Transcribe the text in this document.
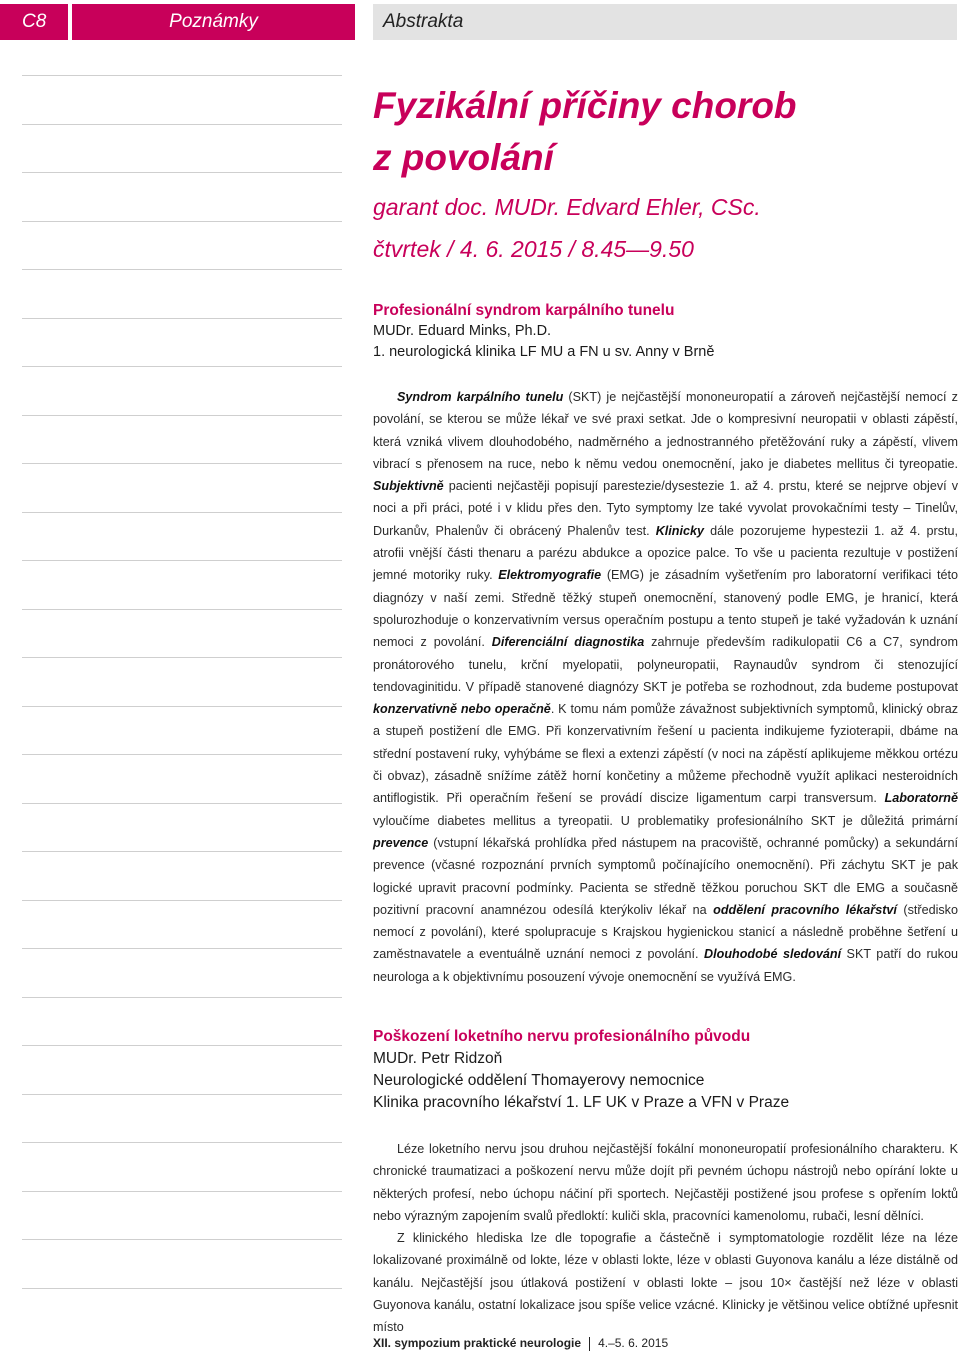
C8	Poznámky	Abstrakta
Fyzikální příčiny chorob
z povolání
garant doc. MUDr. Edvard Ehler, CSc.
čtvrtek / 4. 6. 2015 / 8.45—9.50
Profesionální syndrom karpálního tunelu
MUDr. Eduard Minks, Ph.D.
1. neurologická klinika LF MU a FN u sv. Anny v Brně

Syndrom karpálního tunelu (SKT) je nejčastější mononeuropatií a zároveň nejčastější nemocí z povolání, se kterou se může lékař ve své praxi setkat. Jde o kompresivní neuropatii v oblasti zápěstí, která vzniká vlivem dlouhodobého, nadměrného a jednostranného přetěžování ruky a zápěstí, vlivem vibrací s přenosem na ruce, nebo k němu vedou onemocnění, jako je diabetes mellitus či tyreopatie. Subjektivně pacienti nejčastěji popisují parestezie/dysestezie 1. až 4. prstu, které se nejprve objeví v noci a při práci, poté i v klidu přes den. Tyto symptomy lze také vyvolat provokačními testy – Tinelův, Durkanův, Phalenův či obrácený Phalenův test. Klinicky dále pozorujeme hypestezii 1. až 4. prstu, atrofii vnější části thenaru a parézu abdukce a opozice palce. To vše u pacienta rezultuje v postižení jemné motoriky ruky. Elektromyografie (EMG) je zásadním vyšetřením pro laboratorní verifikaci této diagnózy v naší zemi. Středně těžký stupeň onemocnění, stanovený podle EMG, je hranicí, která spolurozhoduje o konzervativním versus operačním postupu a tento stupeň je také vyžadován k uznání nemoci z povolání. Diferenciální diagnostika zahrnuje především radikulopatii C6 a C7, syndrom pronátorového tunelu, krční myelopatii, polyneuropatii, Raynaudův syndrom či stenozující tendovaginitidu. V případě stanovené diagnózy SKT je potřeba se rozhodnout, zda budeme postupovat konzervativně nebo operačně. K tomu nám pomůže závažnost subjektivních symptomů, klinický obraz a stupeň postižení dle EMG. Při konzervativním řešení u pacienta indikujeme fyzioterapii, dbáme na střední postavení ruky, vyhýbáme se flexi a extenzi zápěstí (v noci na zápěstí aplikujeme měkkou ortézu či obvaz), zásadně snížíme zátěž horní končetiny a můžeme přechodně využít aplikaci nesteroidních antiflogistik. Při operačním řešení se provádí discize ligamentum carpi transversum. Laboratorně vyloučíme diabetes mellitus a tyreopatii. U problematiky profesionálního SKT je důležitá primární prevence (vstupní lékařská prohlídka před nástupem na pracoviště, ochranné pomůcky) a sekundární prevence (včasné rozpoznání prvních symptomů počínajícího onemocnění). Při záchytu SKT je pak logické upravit pracovní podmínky. Pacienta se středně těžkou poruchou SKT dle EMG a současně pozitivní pracovní anamnézou odesílá kterýkoliv lékař na oddělení pracovního lékařství (středisko nemocí z povolání), které spolupracuje s Krajskou hygienickou stanicí a následně proběhne šetření u zaměstnavatele a eventuálně uznání nemoci z povolání. Dlouhodobé sledování SKT patří do rukou neurologa a k objektivnímu posouzení vývoje onemocnění se využívá EMG.

Poškození loketního nervu profesionálního původu
MUDr. Petr Ridzoň
Neurologické oddělení Thomayerovy nemocnice
Klinika pracovního lékařství 1. LF UK v Praze a VFN v Praze

Léze loketního nervu jsou druhou nejčastější fokální mononeuropatií profesionálního charakteru. K chronické traumatizaci a poškození nervu může dojít při pevném úchopu nástrojů nebo opírání lokte u některých profesí, nebo úchopu náčiní při sportech. Nejčastěji postižené jsou profese s opřením loktů nebo výrazným zapojením svalů předloktí: kuliči skla, pracovníci kamenolomu, rubači, lesní dělníci.

Z klinického hlediska lze dle topografie a částečně i symptomatologie rozdělit léze na léze lokalizované proximálně od lokte, léze v oblasti lokte, léze v oblasti Guyonova kanálu a léze distálně od kanálu. Nejčastější jsou útlaková postižení v oblasti lokte – jsou 10× častější než léze v oblasti Guyonova kanálu, ostatní lokalizace jsou spíše velice vzácné. Klinicky je většinou velice obtížné upřesnit místo

XII. sympozium praktické neurologie 4.–5. 6. 2015
